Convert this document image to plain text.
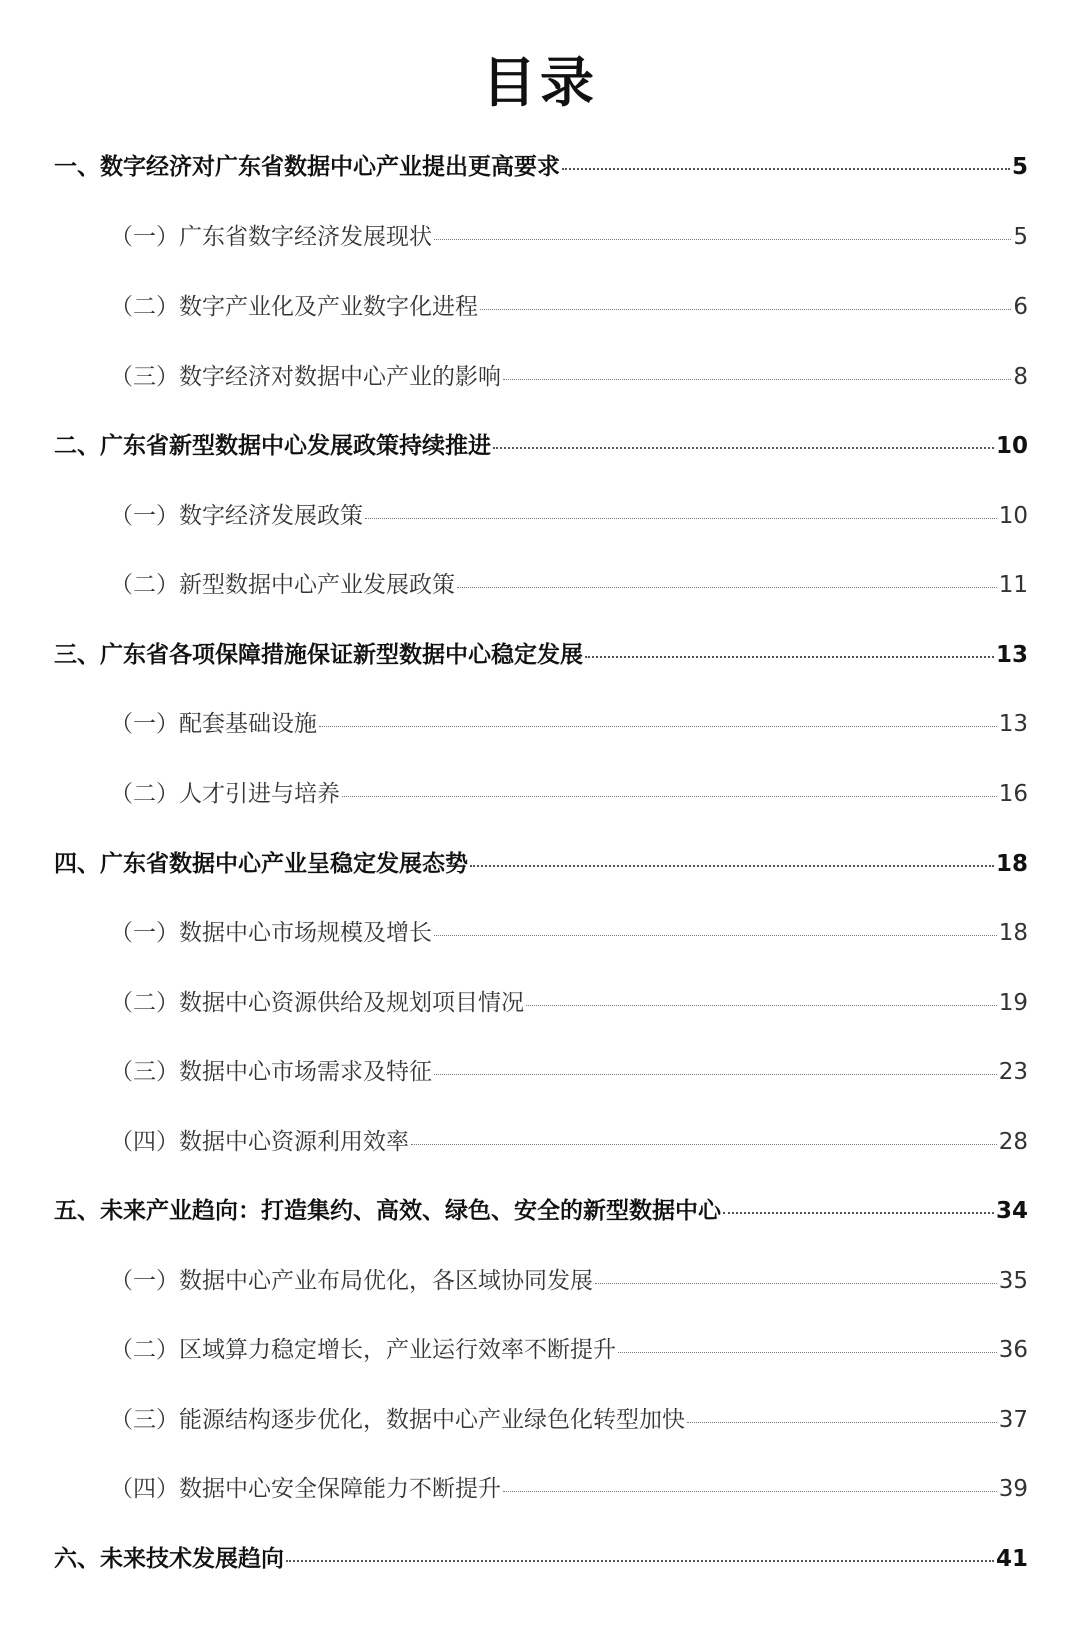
目录
一、数字经济对广东省数据中心产业提出更高要求	5
（一）广东省数字经济发展现状	5
（二）数字产业化及产业数字化进程	6
（三）数字经济对数据中心产业的影响	8
二、广东省新型数据中心发展政策持续推进	10
（一）数字经济发展政策	10
（二）新型数据中心产业发展政策	11
三、广东省各项保障措施保证新型数据中心稳定发展	13
（一）配套基础设施	13
（二）人才引进与培养	16
四、广东省数据中心产业呈稳定发展态势	18
（一）数据中心市场规模及增长	18
（二）数据中心资源供给及规划项目情况	19
（三）数据中心市场需求及特征	23
（四）数据中心资源利用效率	28
五、未来产业趋向：打造集约、高效、绿色、安全的新型数据中心	34
（一）数据中心产业布局优化，各区域协同发展	35
（二）区域算力稳定增长，产业运行效率不断提升	36
（三）能源结构逐步优化，数据中心产业绿色化转型加快	37
（四）数据中心安全保障能力不断提升	39
六、未来技术发展趋向	41
